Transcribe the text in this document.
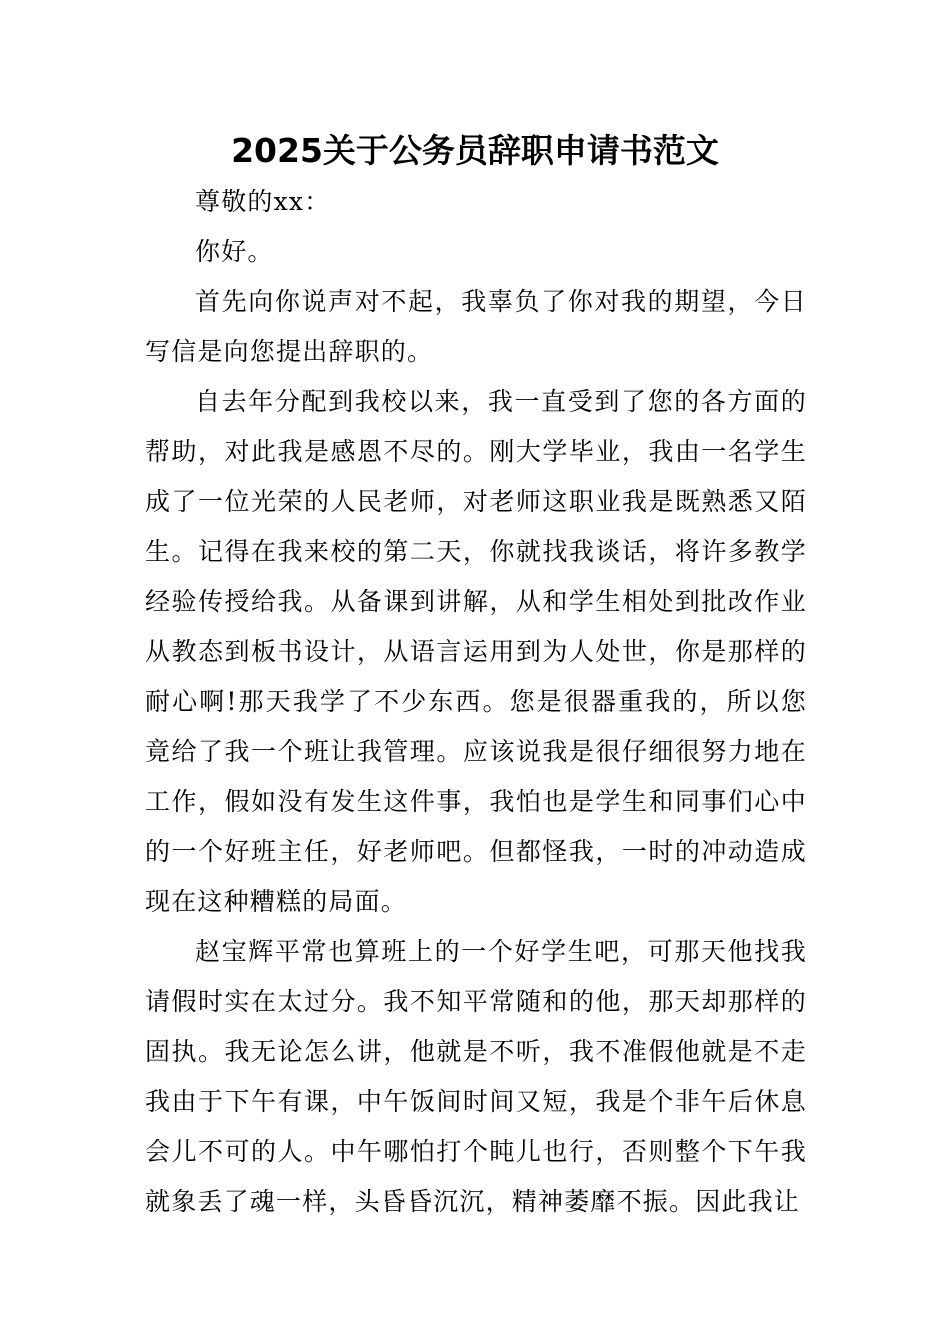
2025关于公务员辞职申请书范文

尊敬的xx：

你好。

首先向你说声对不起，我辜负了你对我的期望，今日写信是向您提出辞职的。

自去年分配到我校以来，我一直受到了您的各方面的帮助，对此我是感恩不尽的。刚大学毕业，我由一名学生成了一位光荣的人民老师，对老师这职业我是既熟悉又陌生。记得在我来校的第二天，你就找我谈话，将许多教学经验传授给我。从备课到讲解，从和学生相处到批改作业从教态到板书设计，从语言运用到为人处世，你是那样的耐心啊!那天我学了不少东西。您是很器重我的，所以您竟给了我一个班让我管理。应该说我是很仔细很努力地在工作，假如没有发生这件事，我怕也是学生和同事们心中的一个好班主任，好老师吧。但都怪我，一时的冲动造成现在这种糟糕的局面。

赵宝辉平常也算班上的一个好学生吧，可那天他找我请假时实在太过分。我不知平常随和的他，那天却那样的固执。我无论怎么讲，他就是不听，我不准假他就是不走我由于下午有课，中午饭间时间又短，我是个非午后休息会儿不可的人。中午哪怕打个盹儿也行，否则整个下午我就象丢了魂一样，头昏昏沉沉，精神萎靡不振。因此我让
